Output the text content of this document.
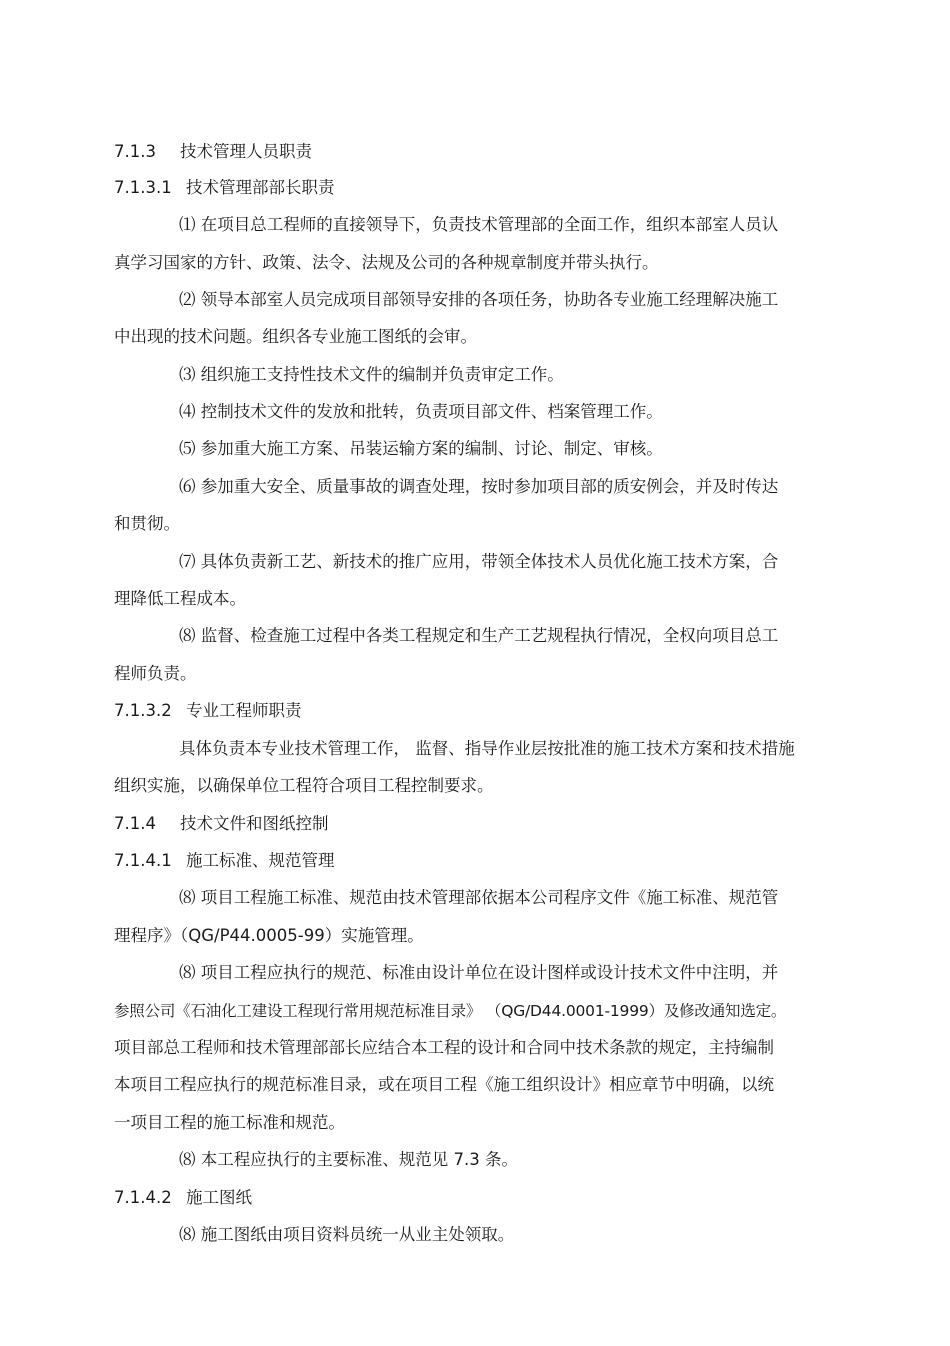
7.1.3 技术管理人员职责
7.1.3.1 技术管理部部长职责
⑴ 在项目总工程师的直接领导下，负责技术管理部的全面工作，组织本部室人员认
真学习国家的方针、政策、法令、法规及公司的各种规章制度并带头执行。
⑵ 领导本部室人员完成项目部领导安排的各项任务，协助各专业施工经理解决施工
中出现的技术问题。组织各专业施工图纸的会审。
⑶ 组织施工支持性技术文件的编制并负责审定工作。
⑷ 控制技术文件的发放和批转，负责项目部文件、档案管理工作。
⑸ 参加重大施工方案、吊装运输方案的编制、讨论、制定、审核。
⑹ 参加重大安全、质量事故的调查处理，按时参加项目部的质安例会，并及时传达
和贯彻。
⑺ 具体负责新工艺、新技术的推广应用，带领全体技术人员优化施工技术方案，合
理降低工程成本。
⑻ 监督、检查施工过程中各类工程规定和生产工艺规程执行情况，全权向项目总工
程师负责。
7.1.3.2 专业工程师职责
具体负责本专业技术管理工作， 监督、指导作业层按批准的施工技术方案和技术措施
组织实施，以确保单位工程符合项目工程控制要求。
7.1.4 技术文件和图纸控制
7.1.4.1 施工标准、规范管理
⑻ 项目工程施工标准、规范由技术管理部依据本公司程序文件《施工标准、规范管
理程序》（QG/P44.0005-99）实施管理。
⑻ 项目工程应执行的规范、标准由设计单位在设计图样或设计技术文件中注明，并
参照公司《石油化工建设工程现行常用规范标准目录》 （QG/D44.0001-1999）及修改通知选定。
项目部总工程师和技术管理部部长应结合本工程的设计和合同中技术条款的规定，主持编制
本项目工程应执行的规范标准目录，或在项目工程《施工组织设计》相应章节中明确，以统
一项目工程的施工标准和规范。
⑻ 本工程应执行的主要标准、规范见 7.3 条。
7.1.4.2 施工图纸
⑻ 施工图纸由项目资料员统一从业主处领取。
